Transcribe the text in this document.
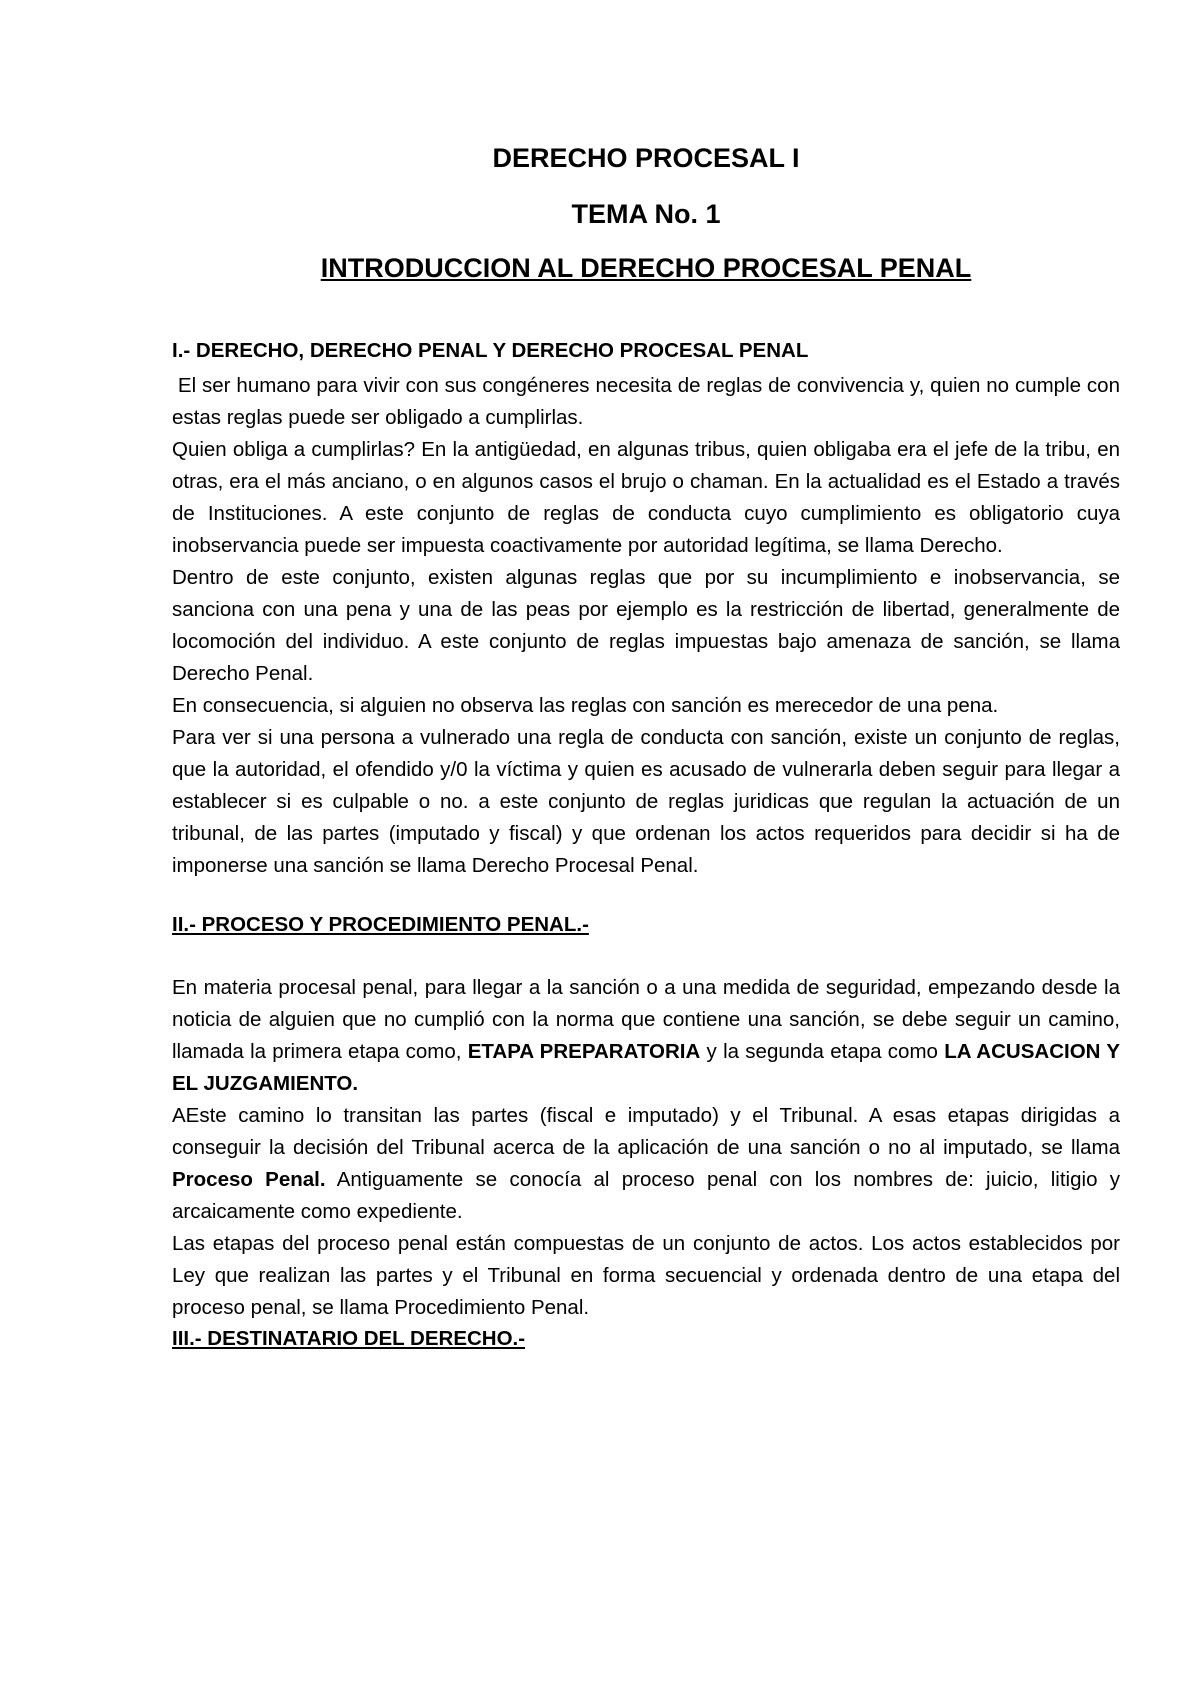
DERECHO PROCESAL I
TEMA No. 1
INTRODUCCION AL DERECHO PROCESAL PENAL
I.- DERECHO, DERECHO PENAL Y DERECHO PROCESAL PENAL

El ser humano para vivir con sus congéneres necesita de reglas de convivencia y, quien no cumple con estas reglas puede ser obligado a cumplirlas.

Quien obliga a cumplirlas? En la antigüedad, en algunas tribus, quien obligaba era el jefe de la tribu, en otras, era el más anciano, o en algunos casos el brujo o chaman. En la actualidad es el Estado a través de Instituciones. A este conjunto de reglas de conducta cuyo cumplimiento es obligatorio cuya inobservancia puede ser impuesta coactivamente por autoridad legítima, se llama Derecho.

Dentro de este conjunto, existen algunas reglas que por su incumplimiento e inobservancia, se sanciona con una pena y una de las peas por ejemplo es la restricción de libertad, generalmente de locomoción del individuo. A este conjunto de reglas impuestas bajo amenaza de sanción, se llama Derecho Penal.

En consecuencia, si alguien no observa las reglas con sanción es merecedor de una pena.

Para ver si una persona a vulnerado una regla de conducta con sanción, existe un conjunto de reglas, que la autoridad, el ofendido y/0 la víctima y quien es acusado de vulnerarla deben seguir para llegar a establecer si es culpable o no. a este conjunto de reglas juridicas que regulan la actuación de un tribunal, de las partes (imputado y fiscal) y que ordenan los actos requeridos para decidir si ha de imponerse una sanción se llama Derecho Procesal Penal.

II.- PROCESO Y PROCEDIMIENTO PENAL.-

En materia procesal penal, para llegar a la sanción o a una medida de seguridad, empezando desde la noticia de alguien que no cumplió con la norma que contiene una sanción, se debe seguir un camino, llamada la primera etapa como, ETAPA PREPARATORIA y la segunda etapa como LA ACUSACION Y EL JUZGAMIENTO.

AEste camino lo transitan las partes (fiscal e imputado) y el Tribunal. A esas etapas dirigidas a conseguir la decisión del Tribunal acerca de la aplicación de una sanción o no al imputado, se llama Proceso Penal. Antiguamente se conocía al proceso penal con los nombres de: juicio, litigio y arcaicamente como expediente.

Las etapas del proceso penal están compuestas de un conjunto de actos. Los actos establecidos por Ley que realizan las partes y el Tribunal en forma secuencial y ordenada dentro de una etapa del proceso penal, se llama Procedimiento Penal.

III.- DESTINATARIO DEL DERECHO.-
